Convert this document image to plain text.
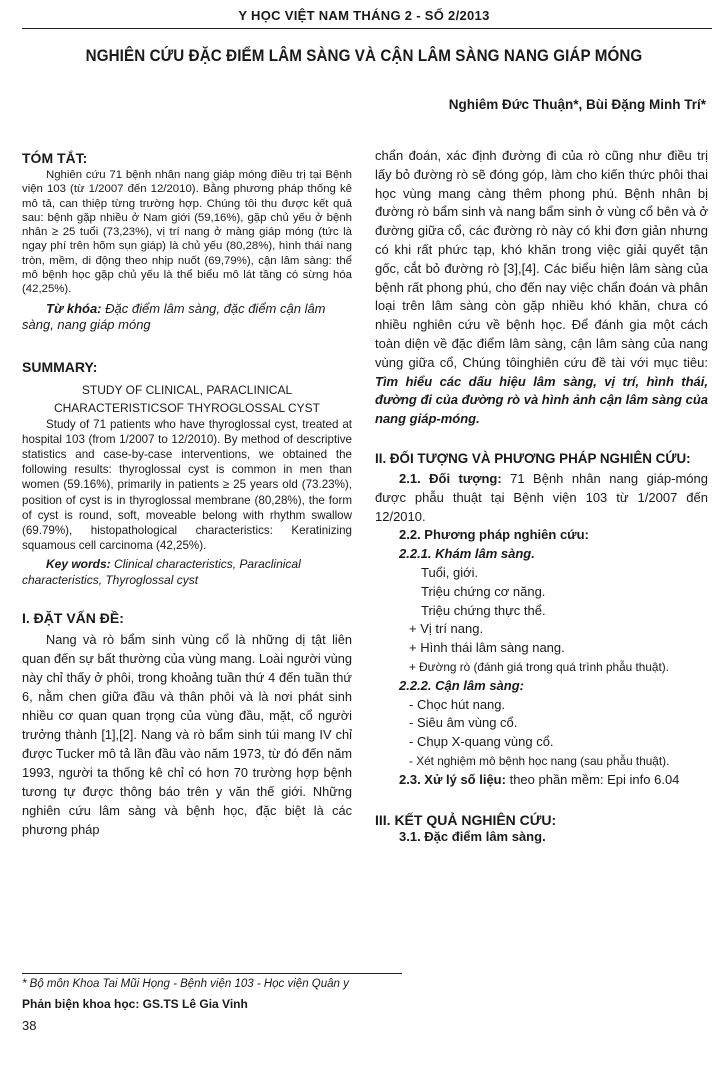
Y HỌC VIỆT NAM THÁNG 2 - SỐ 2/2013
NGHIÊN CỨU ĐẶC ĐIỂM LÂM SÀNG VÀ CẬN LÂM SÀNG NANG GIÁP MÓNG
Nghiêm Đức Thuận*, Bùi Đặng Minh Trí*
TÓM TẮT:

Nghiên cứu 71 bệnh nhân nang giáp móng điều trị tại Bệnh viện 103 (từ 1/2007 đến 12/2010). Bằng phương pháp thống kê mô tả, can thiệp từng trường hợp. Chúng tôi thu được kết quả sau: bệnh gặp nhiều ở Nam giới (59,16%), gặp chủ yếu ở bệnh nhân ≥ 25 tuổi (73,23%), vị trí nang ở màng giáp móng (tức là ngay phí trên hõm sụn giáp) là chủ yếu (80,28%), hình thái nang tròn, mềm, di động theo nhịp nuốt (69,79%), cận lâm sàng: thể mô bệnh học gặp chủ yếu là thể biểu mô lát tầng có sừng hóa (42,25%).

Từ khóa: Đặc điểm lâm sàng, đặc điểm cận lâm sàng, nang giáp móng

SUMMARY:
STUDY OF CLINICAL, PARACLINICAL
CHARACTERISTICSOF THYROGLOSSAL CYST

Study of 71 patients who have thyroglossal cyst, treated at hospital 103 (from 1/2007 to 12/2010). By method of descriptive statistics and case-by-case interventions, we obtained the following results: thyroglossal cyst is common in men than women (59.16%), primarily in patients ≥ 25 years old (73.23%), position of cyst is in thyroglossal membrane (80,28%), the form of cyst is round, soft, moveable belong with rhythm swallow (69.79%), histopathological characteristics: Keratinizing squamous cell carcinoma (42,25%).

Key words: Clinical characteristics, Paraclinical characteristics, Thyroglossal cyst

I. ĐẶT VẤN ĐỀ:

Nang và rò bẩm sinh vùng cổ là những dị tật liên quan đến sự bất thường của vùng mang. Loài người vùng này chỉ thấy ở phôi, trong khoảng tuần thứ 4 đến tuần thứ 6, nằm chen giữa đầu và thân phôi và là nơi phát sinh nhiều cơ quan quan trọng của vùng đầu, mặt, cổ người trưởng thành [1],[2]. Nang và rò bẩm sinh túi mang IV chỉ được Tucker mô tả lần đầu vào năm 1973, từ đó đến năm 1993, người ta thống kê chỉ có hơn 70 trường hợp bệnh tương tự được thông báo trên y văn thế giới. Những nghiên cứu lâm sàng và bệnh học, đặc biệt là các phương pháp

chẩn đoán, xác định đường đi của rò cũng như điều trị lấy bỏ đường rò sẽ đóng góp, làm cho kiến thức phôi thai học vùng mang càng thêm phong phú. Bệnh nhân bị đường rò bẩm sinh và nang bẩm sinh ở vùng cổ bên và ở đường giữa cổ, các đường rò này có khi đơn giản nhưng có khi rất phức tạp, khó khăn trong việc giải quyết tận gốc, cắt bỏ đường rò [3],[4]. Các biểu hiện lâm sàng của bệnh rất phong phú, cho đến nay việc chẩn đoán và phân loại trên lâm sàng còn gặp nhiều khó khăn, chưa có nhiều nghiên cứu về bệnh học. Để đánh gia một cách toàn diện về đặc điểm lâm sàng, cận lâm sàng của nang vùng giữa cổ, Chúng tôinghiên cứu đề tài với mục tiêu: Tìm hiểu các dấu hiệu lâm sàng, vị trí, hình thái, đường đi của đường rò và hình ảnh cận lâm sàng của nang giáp-móng.

II. ĐỐI TƯỢNG VÀ PHƯƠNG PHÁP NGHIÊN CỨU:

2.1. Đối tượng: 71 Bệnh nhân nang giáp-móng được phẫu thuật tại Bệnh viện 103 từ 1/2007 đến 12/2010.

2.2. Phương pháp nghiên cứu:
2.2.1. Khám lâm sàng.
Tuổi, giới.
Triệu chứng cơ năng.
Triệu chứng thực thể.
+ Vị trí nang.
+ Hình thái lâm sàng nang.
+ Đường rò (đánh giá trong quá trình phẫu thuật).
2.2.2. Cận lâm sàng:
- Chọc hút nang.
- Siêu âm vùng cổ.
- Chụp X-quang vùng cổ.
- Xét nghiệm mô bệnh học nang (sau phẫu thuật).

2.3. Xử lý số liệu: theo phần mềm: Epi info 6.04

III. KẾT QUẢ NGHIÊN CỨU:
3.1. Đặc điểm lâm sàng.
* Bộ môn Khoa Tai Mũi Họng - Bệnh viện 103 - Học viện Quân y
Phản biện khoa học: GS.TS Lê Gia Vinh
38
